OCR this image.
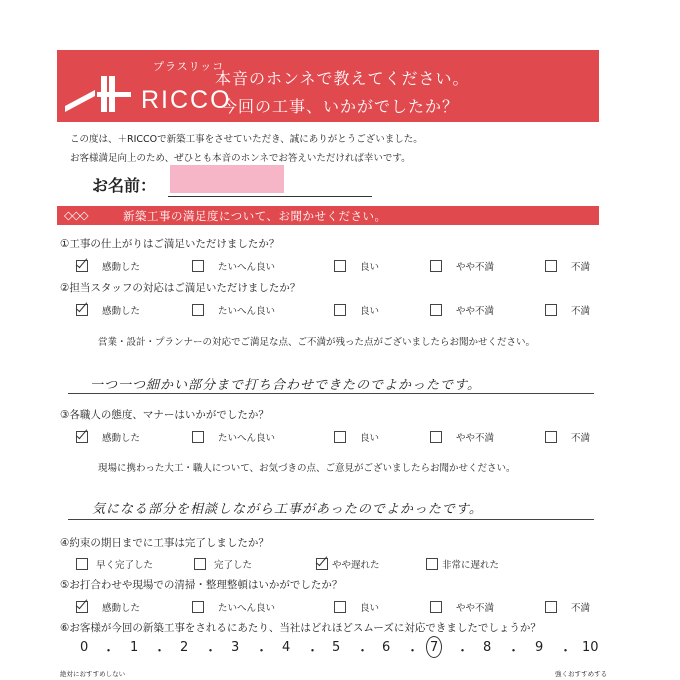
プラスリッコ
RICCO
本音のホンネで教えてください。
今回の工事、いかがでしたか？
この度は、＋RICCOで新築工事をさせていただき、誠にありがとうございました。
お客様満足向上のため、ぜひとも本音のホンネでお答えいただければ幸いです。
お名前：
◇◇◇	新築工事の満足度について、お聞かせください。
①工事の仕上がりはご満足いただけましたか？
感動した	たいへん良い	良い	やや不満	不満
②担当スタッフの対応はご満足いただけましたか？
感動した	たいへん良い	良い	やや不満	不満
営業・設計・プランナーの対応でご満足な点、ご不満が残った点がございましたらお聞かせください。
一つ一つ細かい部分まで打ち合わせできたのでよかったです。
③各職人の態度、マナーはいかがでしたか？
感動した	たいへん良い	良い	やや不満	不満
現場に携わった大工・職人について、お気づきの点、ご意見がございましたらお聞かせください。
気になる部分を相談しながら工事があったのでよかったです。
④約束の期日までに工事は完了しましたか？
早く完了した	完了した	やや遅れた	非常に遅れた
⑤お打合わせや現場での清掃・整理整頓はいかがでしたか？
感動した	たいへん良い	良い	やや不満	不満
⑥お客様が今回の新築工事をされるにあたり、当社はどれほどスムーズに対応できましたでしょうか？
0 ・ 1 ・ 2 ・ 3 ・ 4 ・ 5 ・ 6 ・ 7 ・ 8 ・ 9 ・ 10
絶対におすすめしない	強くおすすめする
